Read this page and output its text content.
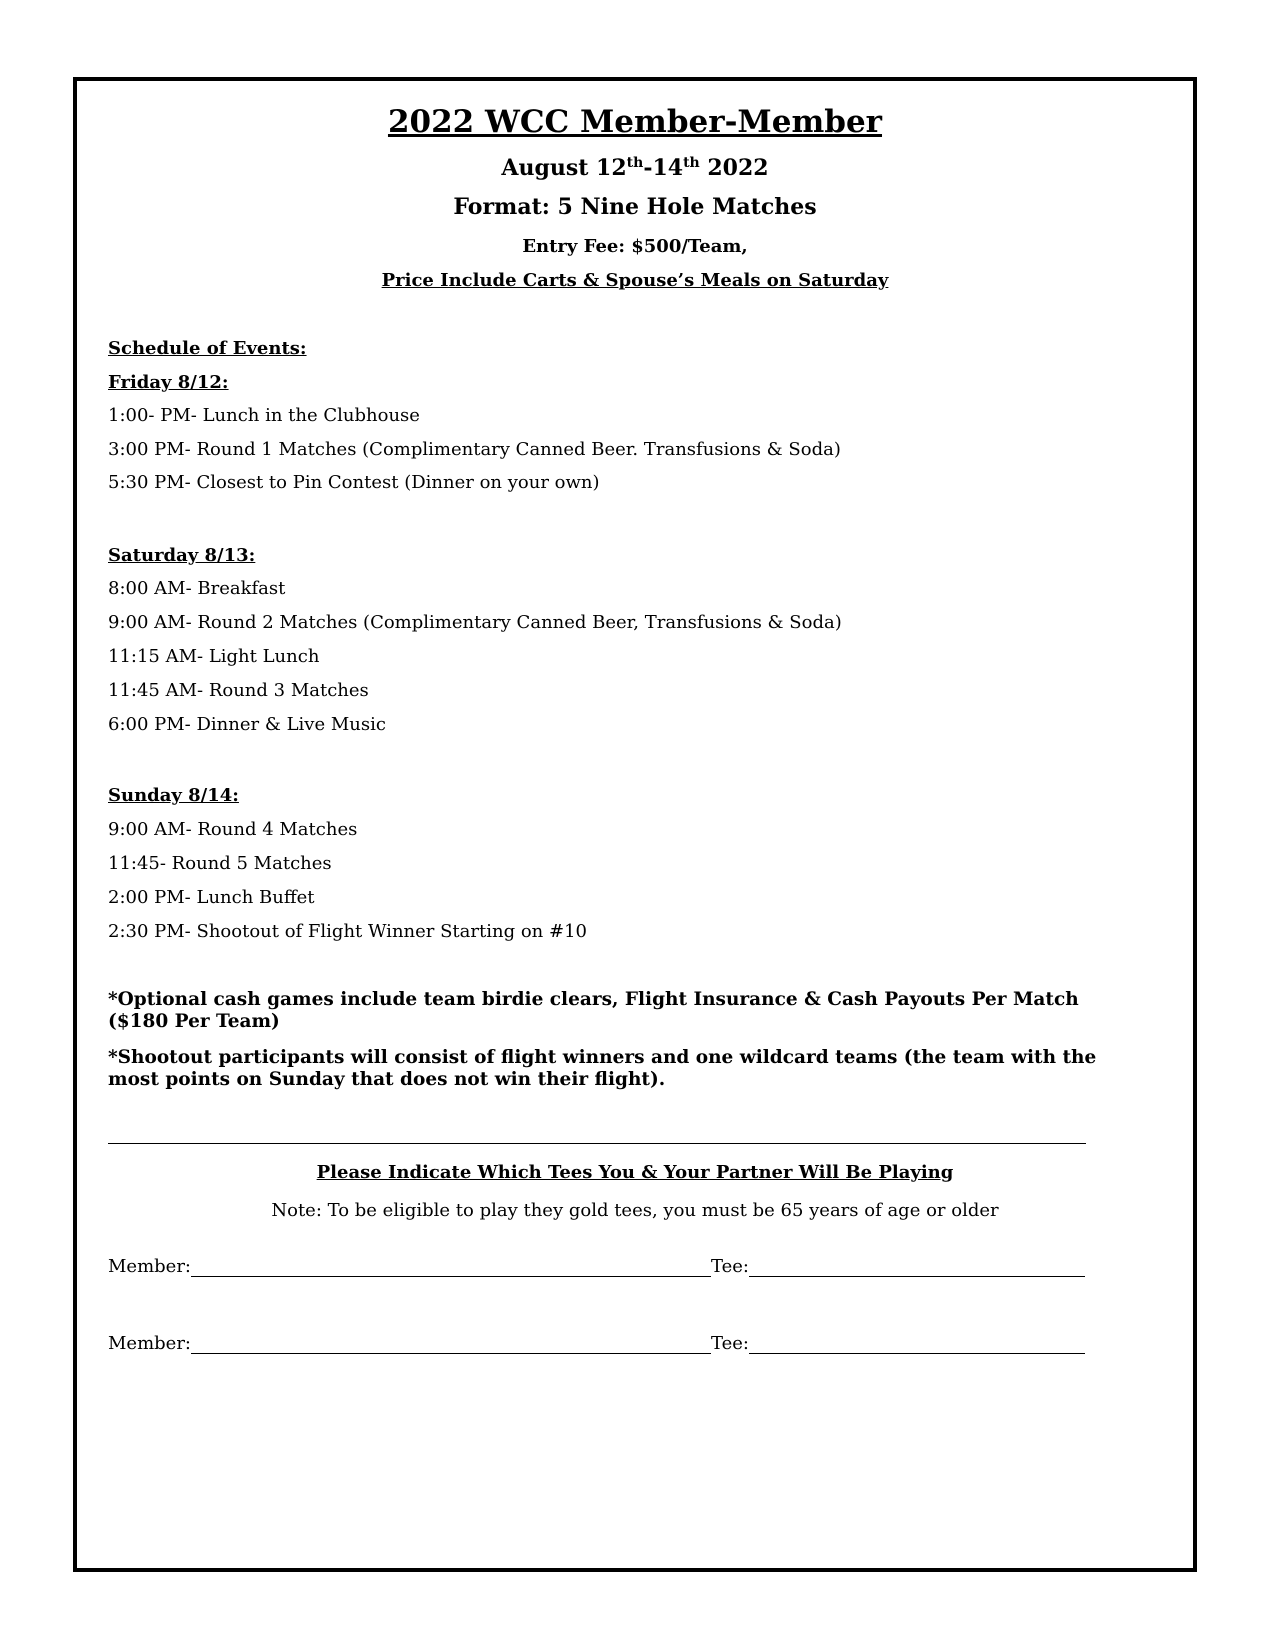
2022 WCC Member-Member
August 12th-14th 2022
Format: 5 Nine Hole Matches
Entry Fee: $500/Team,
Price Include Carts & Spouse’s Meals on Saturday
Schedule of Events:
Friday 8/12:
1:00- PM- Lunch in the Clubhouse
3:00 PM- Round 1 Matches (Complimentary Canned Beer. Transfusions & Soda)
5:30 PM- Closest to Pin Contest (Dinner on your own)
Saturday 8/13:
8:00 AM- Breakfast
9:00 AM- Round 2 Matches (Complimentary Canned Beer, Transfusions & Soda)
11:15 AM- Light Lunch
11:45 AM- Round 3 Matches
6:00 PM- Dinner & Live Music
Sunday 8/14:
9:00 AM- Round 4 Matches
11:45- Round 5 Matches
2:00 PM- Lunch Buffet
2:30 PM- Shootout of Flight Winner Starting on #10
*Optional cash games include team birdie clears, Flight Insurance & Cash Payouts Per Match ($180 Per Team)
*Shootout participants will consist of flight winners and one wildcard teams (the team with the most points on Sunday that does not win their flight).
Please Indicate Which Tees You & Your Partner Will Be Playing
Note: To be eligible to play they gold tees, you must be 65 years of age or older
Member:	Tee:
Member:	Tee:
